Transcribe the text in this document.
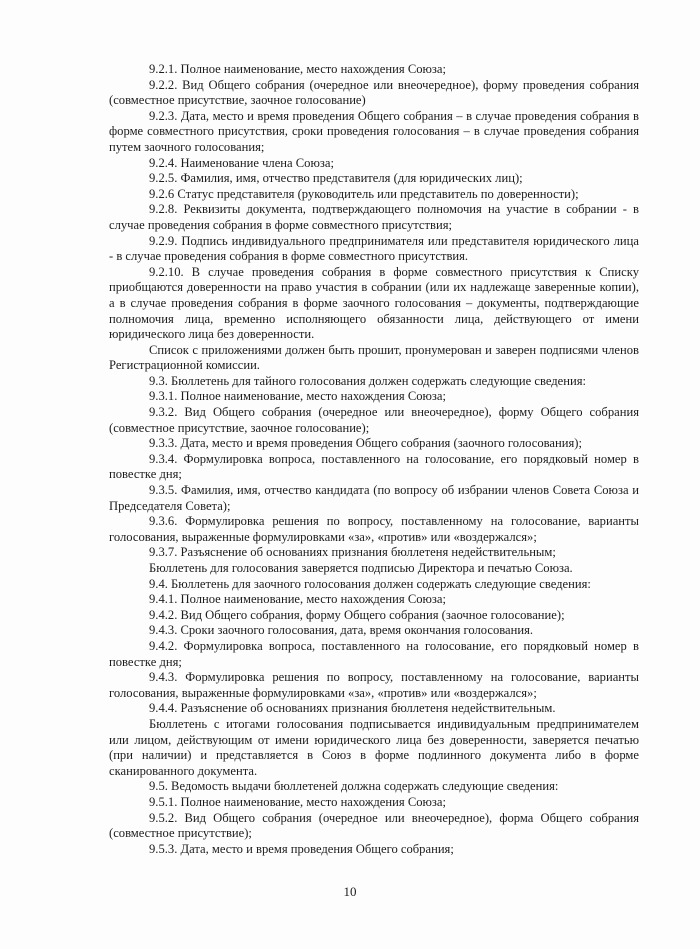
9.2.1. Полное наименование, место нахождения Союза;

9.2.2. Вид Общего собрания (очередное или внеочередное), форму проведения собрания (совместное присутствие, заочное голосование)

9.2.3. Дата, место и время проведения Общего собрания – в случае проведения собрания в форме совместного присутствия, сроки проведения голосования – в случае проведения собрания путем заочного голосования;

9.2.4. Наименование члена Союза;

9.2.5. Фамилия, имя, отчество представителя (для юридических лиц);

9.2.6 Статус представителя (руководитель или представитель по доверенности);

9.2.8. Реквизиты документа, подтверждающего полномочия на участие в собрании - в случае проведения собрания в форме совместного присутствия;

9.2.9. Подпись индивидуального предпринимателя или представителя юридического лица - в случае проведения собрания в форме совместного присутствия.

9.2.10. В случае проведения собрания в форме совместного присутствия к Списку приобщаются доверенности на право участия в собрании (или их надлежаще заверенные копии), а в случае проведения собрания в форме заочного голосования – документы, подтверждающие полномочия лица, временно исполняющего обязанности лица, действующего от имени юридического лица без доверенности.

Список с приложениями должен быть прошит, пронумерован и заверен подписями членов Регистрационной комиссии.

9.3. Бюллетень для тайного голосования должен содержать следующие сведения:

9.3.1. Полное наименование, место нахождения Союза;

9.3.2. Вид Общего собрания (очередное или внеочередное), форму Общего собрания (совместное присутствие, заочное голосование);

9.3.3. Дата, место и время проведения Общего собрания (заочного голосования);

9.3.4. Формулировка вопроса, поставленного на голосование, его порядковый номер в повестке дня;

9.3.5. Фамилия, имя, отчество кандидата (по вопросу об избрании членов Совета Союза и Председателя Совета);

9.3.6. Формулировка решения по вопросу, поставленному на голосование, варианты голосования, выраженные формулировками «за», «против» или «воздержался»;

9.3.7. Разъяснение об основаниях признания бюллетеня недействительным;

Бюллетень для голосования заверяется подписью Директора и печатью Союза.

9.4. Бюллетень для заочного голосования должен содержать следующие сведения:

9.4.1. Полное наименование, место нахождения Союза;

9.4.2. Вид Общего собрания, форму Общего собрания (заочное голосование);

9.4.3. Сроки заочного голосования, дата, время окончания голосования.

9.4.2. Формулировка вопроса, поставленного на голосование, его порядковый номер в повестке дня;

9.4.3. Формулировка решения по вопросу, поставленному на голосование, варианты голосования, выраженные формулировками «за», «против» или «воздержался»;

9.4.4. Разъяснение об основаниях признания бюллетеня недействительным.

Бюллетень с итогами голосования подписывается индивидуальным предпринимателем или лицом, действующим от имени юридического лица без доверенности, заверяется печатью (при наличии) и представляется в Союз в форме подлинного документа либо в форме сканированного документа.

9.5. Ведомость выдачи бюллетеней должна содержать следующие сведения:

9.5.1. Полное наименование, место нахождения Союза;

9.5.2. Вид Общего собрания (очередное или внеочередное), форма Общего собрания (совместное присутствие);

9.5.3. Дата, место и время проведения Общего собрания;

10
